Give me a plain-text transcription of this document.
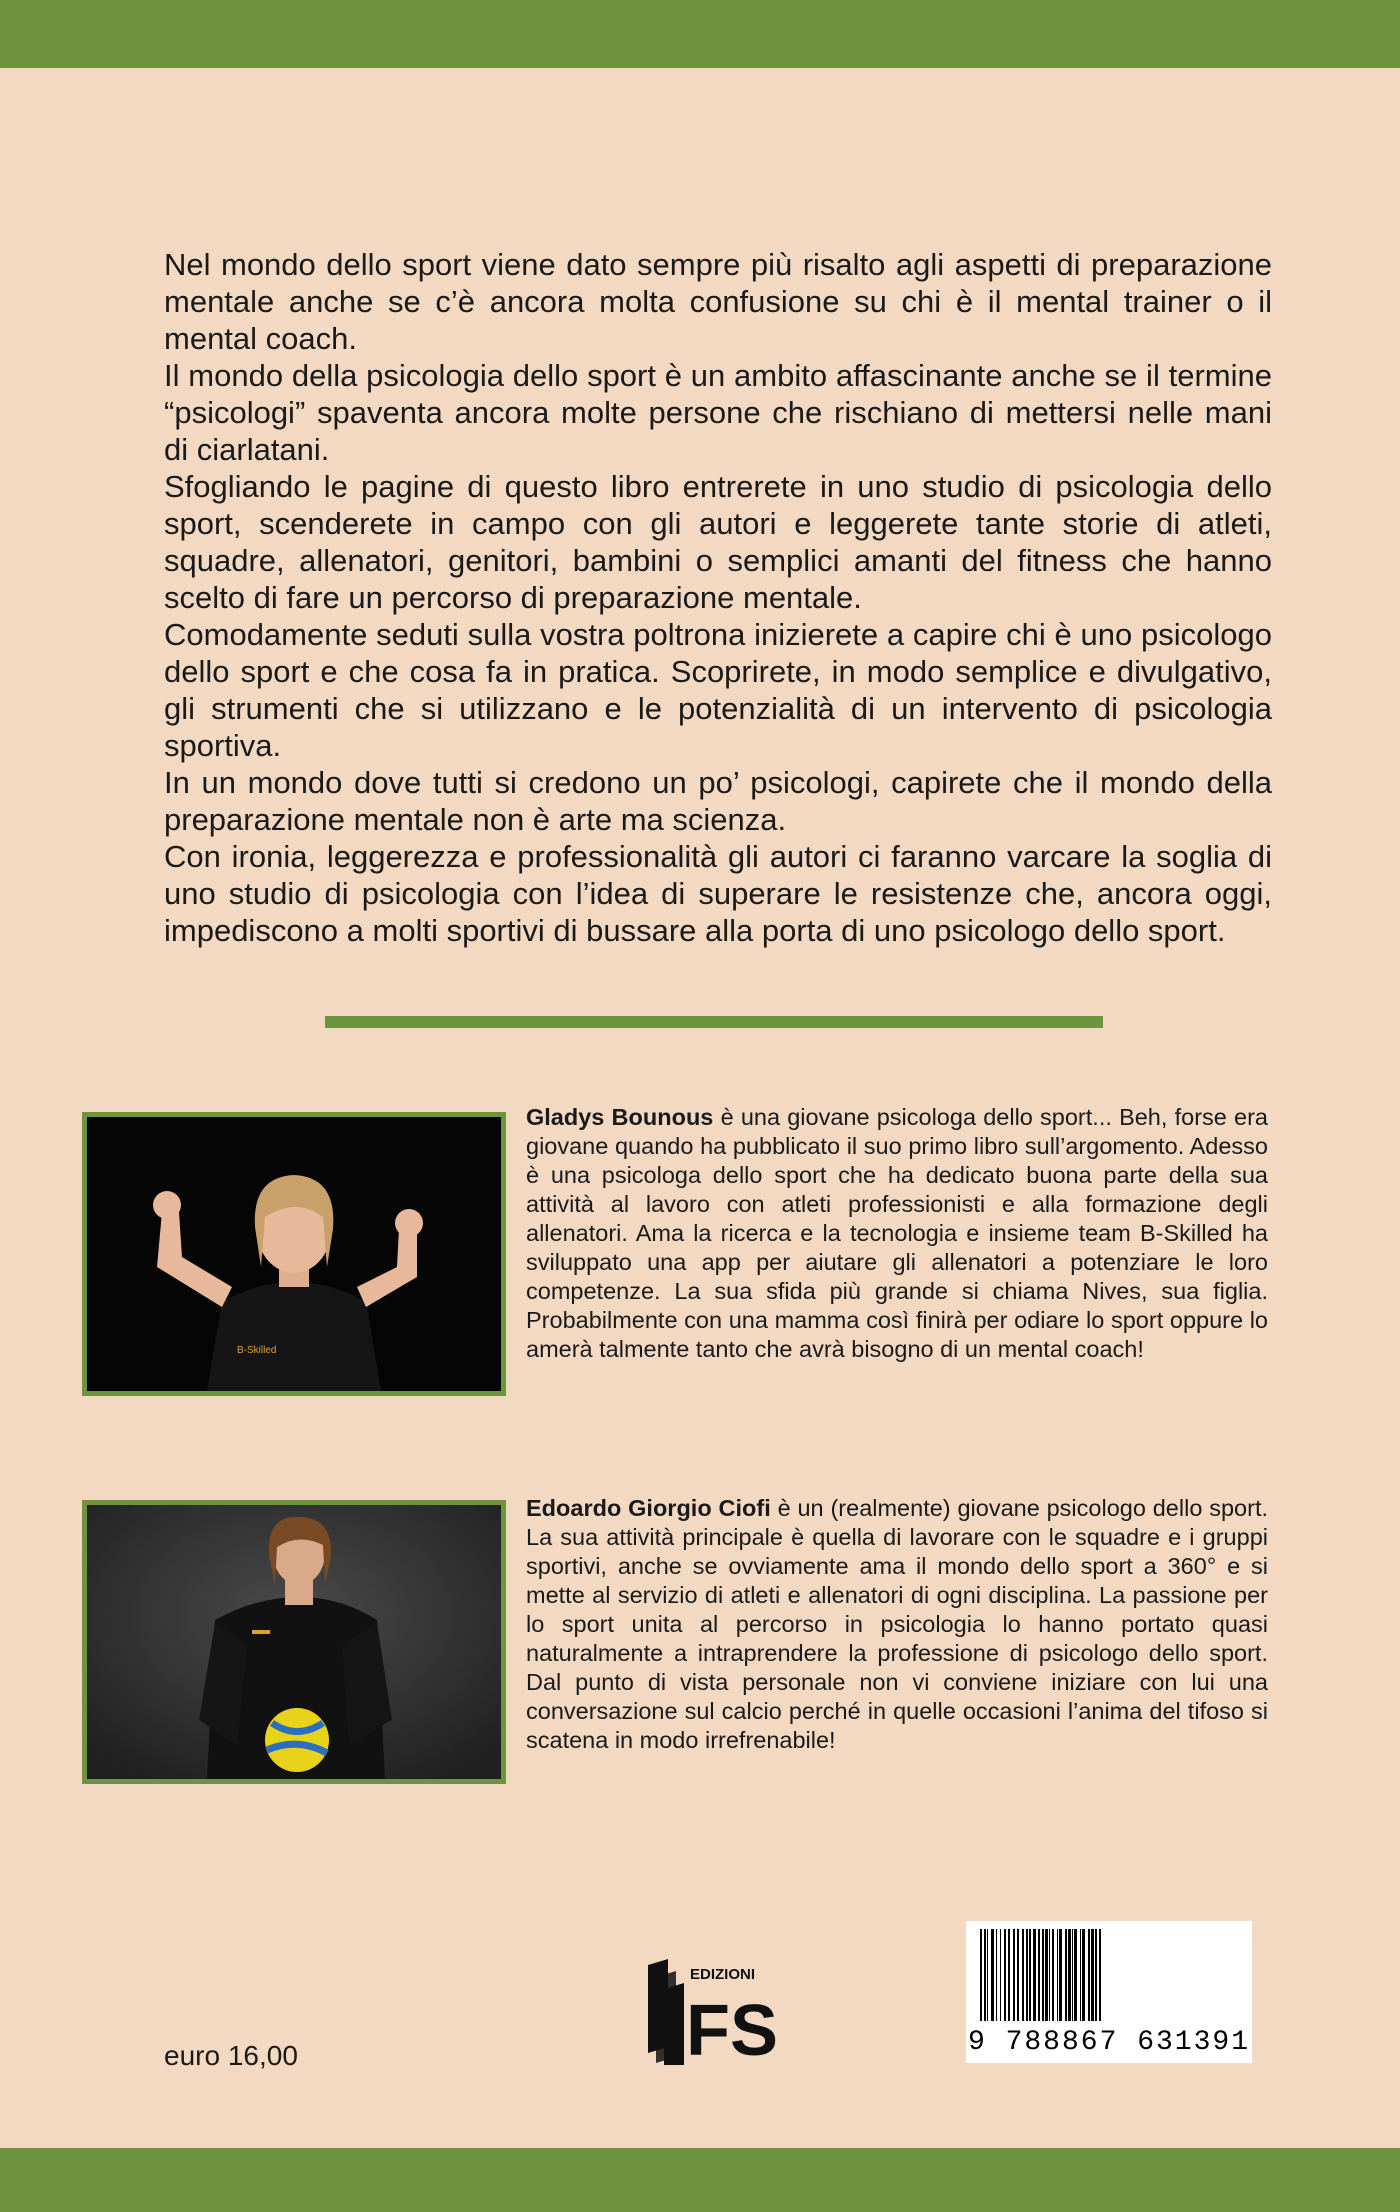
Nel mondo dello sport viene dato sempre più risalto agli aspetti di preparazione mentale anche se c’è ancora molta confusione su chi è il mental trainer o il mental coach.

Il mondo della psicologia dello sport è un ambito affascinante anche se il termine “psicologi” spaventa ancora molte persone che rischiano di mettersi nelle mani di ciarlatani.

Sfogliando le pagine di questo libro entrerete in uno studio di psicologia dello sport, scenderete in campo con gli autori e leggerete tante storie di atleti, squadre, allenatori, genitori, bambini o semplici amanti del fitness che hanno scelto di fare un percorso di preparazione mentale.

Comodamente seduti sulla vostra poltrona inizierete a capire chi è uno psicologo dello sport e che cosa fa in pratica. Scoprirete, in modo semplice e divulgativo, gli strumenti che si utilizzano e le potenzialità di un intervento di psicologia sportiva.

In un mondo dove tutti si credono un po’ psicologi, capirete che il mondo della preparazione mentale non è arte ma scienza.

Con ironia, leggerezza e professionalità gli autori ci faranno varcare la soglia di uno studio di psicologia con l’idea di superare le resistenze che, ancora oggi, impediscono a molti sportivi di bussare alla porta di uno psicologo dello sport.

B-Skilled

Gladys Bounous è una giovane psicologa dello sport... Beh, forse era giovane quando ha pubblicato il suo primo libro sull’argomento. Adesso è una psicologa dello sport che ha dedicato buona parte della sua attività al lavoro con atleti professionisti e alla formazione degli allenatori. Ama la ricerca e la tecnologia e insieme team B-Skilled ha sviluppato una app per aiutare gli allenatori a potenziare le loro competenze. La sua sfida più grande si chiama Nives, sua figlia. Probabilmente con una mamma così finirà per odiare lo sport oppure lo amerà talmente tanto che avrà bisogno di un mental coach!

Edoardo Giorgio Ciofi è un (realmente) giovane psicologo dello sport. La sua attività principale è quella di lavorare con le squadre e i gruppi sportivi, anche se ovviamente ama il mondo dello sport a 360° e si mette al servizio di atleti e allenatori di ogni disciplina. La passione per lo sport unita al percorso in psicologia lo hanno portato quasi naturalmente a intraprendere la professione di psicologo dello sport. Dal punto di vista personale non vi conviene iniziare con lui una conversazione sul calcio perché in quelle occasioni l’anima del tifoso si scatena in modo irrefrenabile!

euro 16,00
EDIZIONI
FS	9 788867 631391
